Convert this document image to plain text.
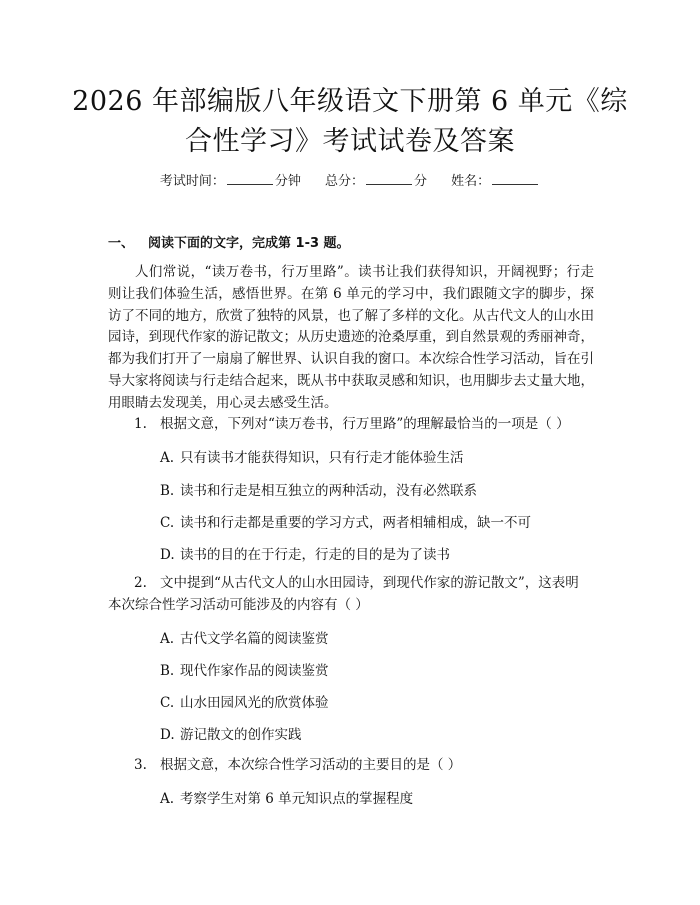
2026 年部编版八年级语文下册第 6 单元《综
合性学习》考试试卷及答案
考试时间：	分钟 总分：	分 姓名：
一、 阅读下面的文字，完成第 1-3 题。
人们常说，“读万卷书，行万里路”。读书让我们获得知识，开阔视野；行走则让我们体验生活，感悟世界。在第 6 单元的学习中，我们跟随文字的脚步，探访了不同的地方，欣赏了独特的风景，也了解了多样的文化。从古代文人的山水田园诗，到现代作家的游记散文；从历史遗迹的沧桑厚重，到自然景观的秀丽神奇，都为我们打开了一扇扇了解世界、认识自我的窗口。本次综合性学习活动，旨在引导大家将阅读与行走结合起来，既从书中获取灵感和知识，也用脚步去丈量大地，用眼睛去发现美，用心灵去感受生活。
1. 根据文意，下列对“读万卷书，行万里路”的理解最恰当的一项是（ ）
A. 只有读书才能获得知识，只有行走才能体验生活
B. 读书和行走是相互独立的两种活动，没有必然联系
C. 读书和行走都是重要的学习方式，两者相辅相成，缺一不可
D. 读书的目的在于行走，行走的目的是为了读书
2. 文中提到“从古代文人的山水田园诗，到现代作家的游记散文”，这表明
本次综合性学习活动可能涉及的内容有（ ）
A. 古代文学名篇的阅读鉴赏
B. 现代作家作品的阅读鉴赏
C. 山水田园风光的欣赏体验
D. 游记散文的创作实践
3. 根据文意，本次综合性学习活动的主要目的是（ ）
A. 考察学生对第 6 单元知识点的掌握程度
